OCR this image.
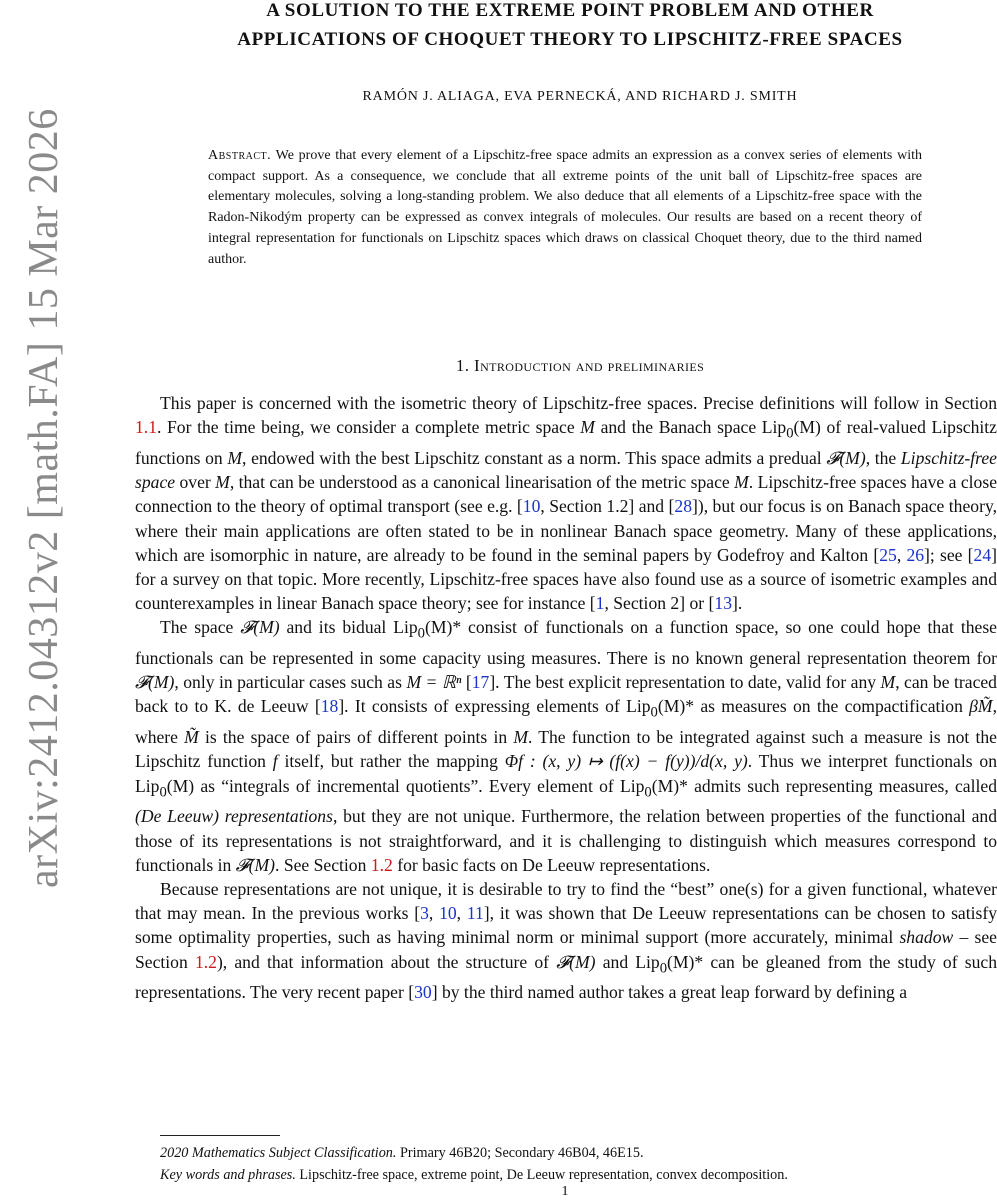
arXiv:2412.04312v2 [math.FA] 15 Mar 2026
A SOLUTION TO THE EXTREME POINT PROBLEM AND OTHER
APPLICATIONS OF CHOQUET THEORY TO LIPSCHITZ-FREE SPACES
RAMÓN J. ALIAGA, EVA PERNECKÁ, AND RICHARD J. SMITH
Abstract. We prove that every element of a Lipschitz-free space admits an expression as a convex series of elements with compact support. As a consequence, we conclude that all extreme points of the unit ball of Lipschitz-free spaces are elementary molecules, solving a long-standing problem. We also deduce that all elements of a Lipschitz-free space with the Radon-Nikodým property can be expressed as convex integrals of molecules. Our results are based on a recent theory of integral representation for functionals on Lipschitz spaces which draws on classical Choquet theory, due to the third named author.
1. Introduction and preliminaries

This paper is concerned with the isometric theory of Lipschitz-free spaces. Precise definitions will follow in Section 1.1. For the time being, we consider a complete metric space M and the Banach space Lip$_0$(M) of real-valued Lipschitz functions on M, endowed with the best Lipschitz constant as a norm. This space admits a predual 𝓕(M), the Lipschitz-free space over M, that can be understood as a canonical linearisation of the metric space M. Lipschitz-free spaces have a close connection to the theory of optimal transport (see e.g. [10, Section 1.2] and [28]), but our focus is on Banach space theory, where their main applications are often stated to be in nonlinear Banach space geometry. Many of these applications, which are isomorphic in nature, are already to be found in the seminal papers by Godefroy and Kalton [25, 26]; see [24] for a survey on that topic. More recently, Lipschitz-free spaces have also found use as a source of isometric examples and counterexamples in linear Banach space theory; see for instance [1, Section 2] or [13].

The space 𝓕(M) and its bidual Lip$_0$(M)* consist of functionals on a function space, so one could hope that these functionals can be represented in some capacity using measures. There is no known general representation theorem for 𝓕(M), only in particular cases such as M = ℝⁿ [17]. The best explicit representation to date, valid for any M, can be traced back to to K. de Leeuw [18]. It consists of expressing elements of Lip$_0$(M)* as measures on the compactification βM̃, where M̃ is the space of pairs of different points in M. The function to be integrated against such a measure is not the Lipschitz function f itself, but rather the mapping Φf : (x, y) ↦ (f(x) − f(y))/d(x, y). Thus we interpret functionals on Lip$_0$(M) as “integrals of incremental quotients”. Every element of Lip$_0$(M)* admits such representing measures, called (De Leeuw) representations, but they are not unique. Furthermore, the relation between properties of the functional and those of its representations is not straightforward, and it is challenging to distinguish which measures correspond to functionals in 𝓕(M). See Section 1.2 for basic facts on De Leeuw representations.

Because representations are not unique, it is desirable to try to find the “best” one(s) for a given functional, whatever that may mean. In the previous works [3, 10, 11], it was shown that De Leeuw representations can be chosen to satisfy some optimality properties, such as having minimal norm or minimal support (more accurately, minimal shadow – see Section 1.2), and that information about the structure of 𝓕(M) and Lip$_0$(M)* can be gleaned from the study of such representations. The very recent paper [30] by the third named author takes a great leap forward by defining a

2020 Mathematics Subject Classification. Primary 46B20; Secondary 46B04, 46E15.
Key words and phrases. Lipschitz-free space, extreme point, De Leeuw representation, convex decomposition.
1
